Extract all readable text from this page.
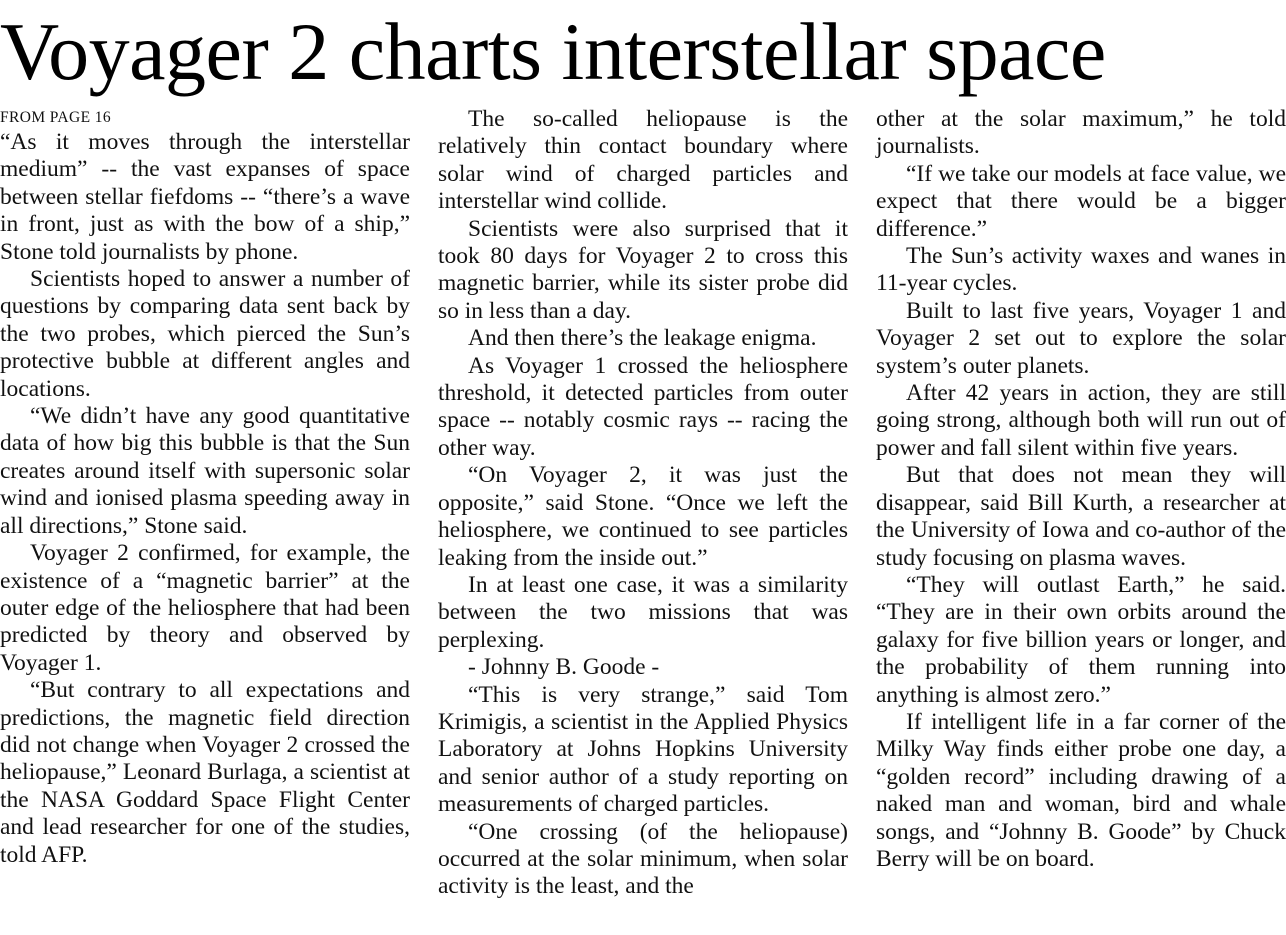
Voyager 2 charts interstellar space
FROM PAGE 16

“As it moves through the interstellar medium” -- the vast expanses of space between stellar fiefdoms -- “there’s a wave in front, just as with the bow of a ship,” Stone told journalists by phone.

Scientists hoped to answer a number of questions by comparing data sent back by the two probes, which pierced the Sun’s protective bubble at different angles and locations.

“We didn’t have any good quantitative data of how big this bubble is that the Sun creates around itself with supersonic solar wind and ionised plasma speeding away in all directions,” Stone said.

Voyager 2 confirmed, for example, the existence of a “magnetic barrier” at the outer edge of the heliosphere that had been predicted by theory and observed by Voyager 1.

“But contrary to all expectations and predictions, the magnetic field direction did not change when Voyager 2 crossed the heliopause,” Leonard Burlaga, a scientist at the NASA Goddard Space Flight Center and lead researcher for one of the studies, told AFP.

The so-called heliopause is the relatively thin contact boundary where solar wind of charged particles and interstellar wind collide.

Scientists were also surprised that it took 80 days for Voyager 2 to cross this magnetic barrier, while its sister probe did so in less than a day.

And then there’s the leakage enigma.

As Voyager 1 crossed the heliosphere threshold, it detected particles from outer space -- notably cosmic rays -- racing the other way.

“On Voyager 2, it was just the opposite,” said Stone. “Once we left the heliosphere, we continued to see particles leaking from the inside out.”

In at least one case, it was a similarity between the two missions that was perplexing.

- Johnny B. Goode -

“This is very strange,” said Tom Krimigis, a scientist in the Applied Physics Laboratory at Johns Hopkins University and senior author of a study reporting on measurements of charged particles.

“One crossing (of the heliopause) occurred at the solar minimum, when solar activity is the least, and the

other at the solar maximum,” he told journalists.

“If we take our models at face value, we expect that there would be a bigger difference.”

The Sun’s activity waxes and wanes in 11-year cycles.

Built to last five years, Voyager 1 and Voyager 2 set out to explore the solar system’s outer planets.

After 42 years in action, they are still going strong, although both will run out of power and fall silent within five years.

But that does not mean they will disappear, said Bill Kurth, a researcher at the University of Iowa and co-author of the study focusing on plasma waves.

“They will outlast Earth,” he said. “They are in their own orbits around the galaxy for five billion years or longer, and the probability of them running into anything is almost zero.”

If intelligent life in a far corner of the Milky Way finds either probe one day, a “golden record” including drawing of a naked man and woman, bird and whale songs, and “Johnny B. Goode” by Chuck Berry will be on board.
